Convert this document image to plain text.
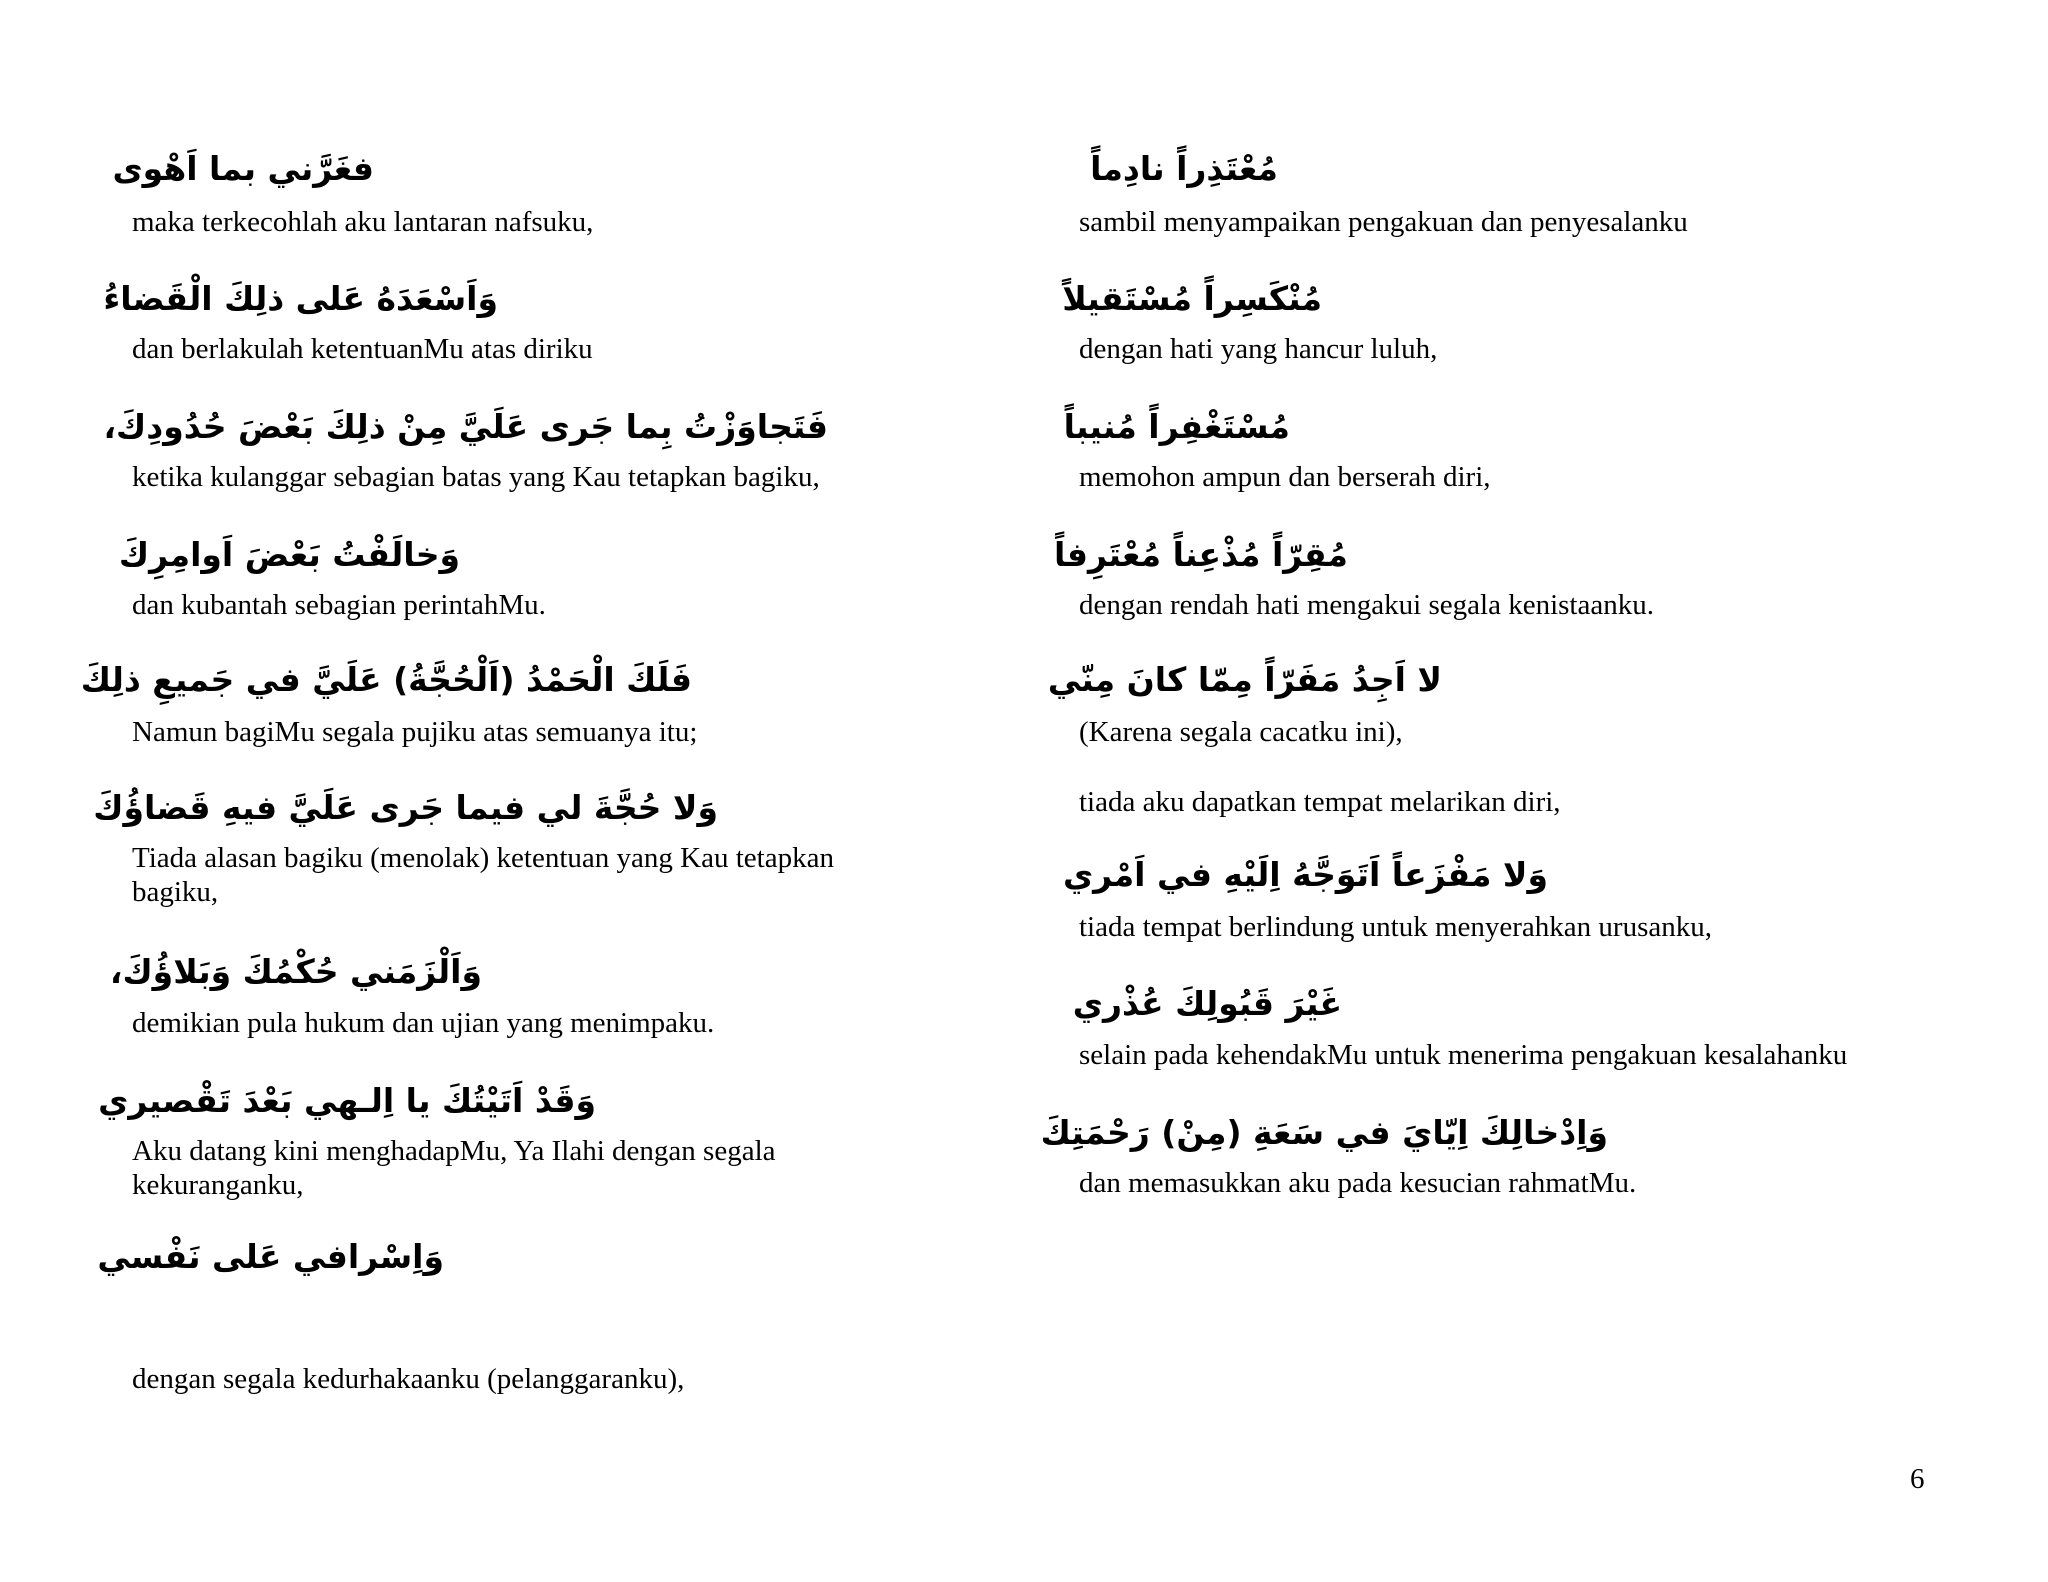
فغَرَّني بما اَهْوى
maka terkecohlah aku lantaran nafsuku,
وَاَسْعَدَهُ عَلى ذلِكَ الْقَضاءُ
dan berlakulah ketentuanMu atas diriku
فَتَجاوَزْتُ بِما جَرى عَلَيَّ مِنْ ذلِكَ بَعْضَ حُدُودِكَ،
ketika kulanggar sebagian batas yang Kau tetapkan bagiku,
وَخالَفْتُ بَعْضَ اَوامِرِكَ
dan kubantah sebagian perintahMu.
فَلَكَ الْحَمْدُ (اَلْحُجَّةُ) عَلَيَّ في جَميعِ ذلِكَ
Namun bagiMu segala pujiku atas semuanya itu;
وَلا حُجَّةَ لي فيما جَرى عَلَيَّ فيهِ قَضاؤُكَ
Tiada alasan bagiku (menolak) ketentuan yang Kau tetapkan
bagiku,
وَاَلْزَمَني حُكْمُكَ وَبَلاؤُكَ،
demikian pula hukum dan ujian yang menimpaku.
وَقَدْ اَتَيْتُكَ يا اِلـهي بَعْدَ تَقْصيري
Aku datang kini menghadapMu, Ya Ilahi dengan segala
kekuranganku,
وَاِسْرافي عَلى نَفْسي
dengan segala kedurhakaanku (pelanggaranku),
مُعْتَذِراً نادِماً
sambil menyampaikan pengakuan dan penyesalanku
مُنْكَسِراً مُسْتَقيلاً
dengan hati yang hancur luluh,
مُسْتَغْفِراً مُنيباً
memohon ampun dan berserah diri,
مُقِرّاً مُذْعِناً مُعْتَرِفاً
dengan rendah hati mengakui segala kenistaanku.
لا اَجِدُ مَفَرّاً مِمّا كانَ مِنّي
(Karena segala cacatku ini),
tiada aku dapatkan tempat melarikan diri,
وَلا مَفْزَعاً اَتَوَجَّهُ اِلَيْهِ في اَمْري
tiada tempat berlindung untuk menyerahkan urusanku,
غَيْرَ قَبُولِكَ عُذْري
selain pada kehendakMu untuk menerima pengakuan kesalahanku
وَاِدْخالِكَ اِيّايَ في سَعَةِ (مِنْ) رَحْمَتِكَ
dan memasukkan aku pada kesucian rahmatMu.
6
